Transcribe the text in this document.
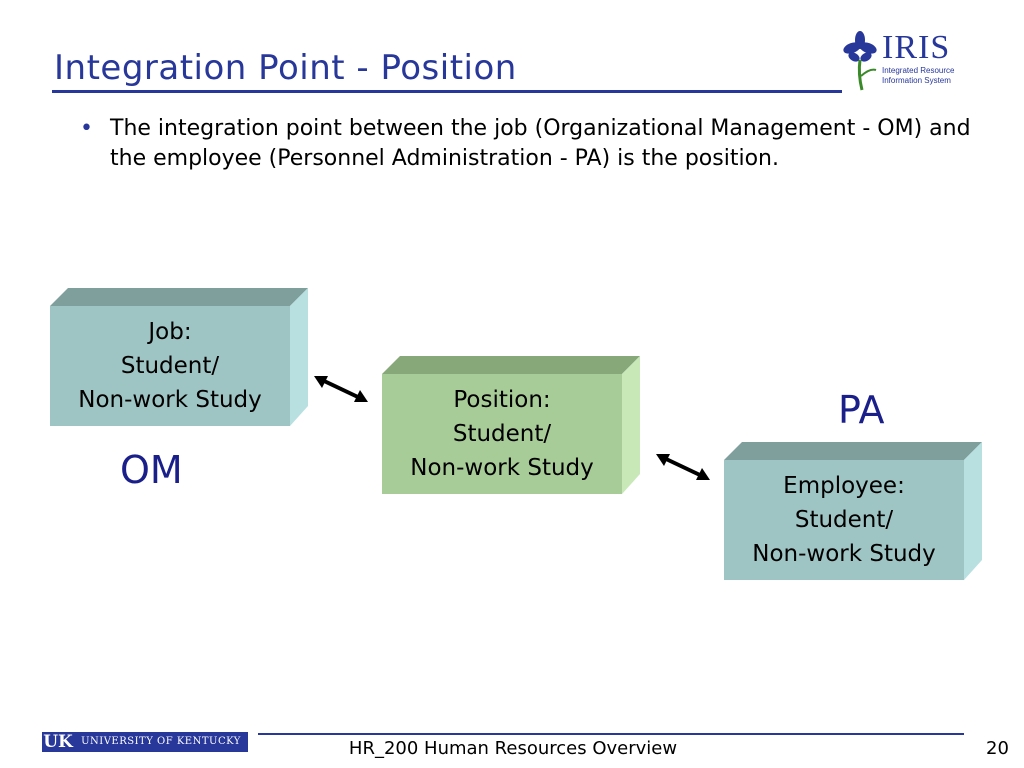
Integration Point - Position
IRIS
Integrated Resource
Information System
• The integration point between the job (Organizational Management - OM) and the employee (Personnel Administration - PA) is the position.
Job:
Student/
Non-work Study	Position:
Student/
Non-work Study
Employee:
Student/
Non-work Study
OM
PA
UK UNIVERSITY OF KENTUCKY	HR_200 Human Resources Overview	20
